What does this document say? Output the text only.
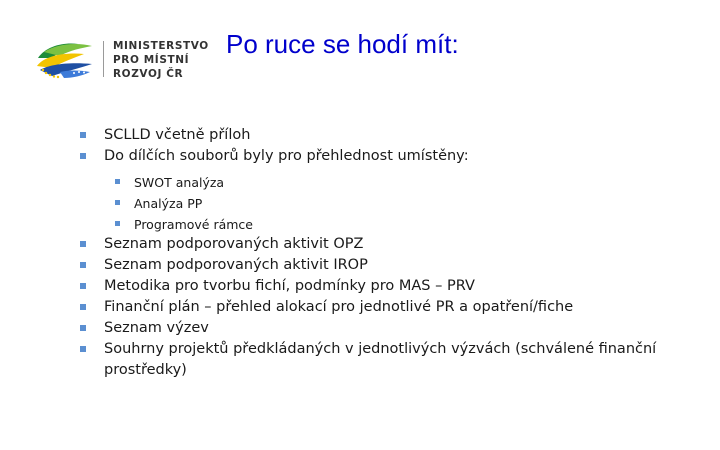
MINISTERSTVO
PRO MÍSTNÍ
ROZVOJ ČR
Po ruce se hodí mít:
SCLLD včetně příloh
Do dílčích souborů byly pro přehlednost umístěny:
SWOT analýza
Analýza PP
Programové rámce
Seznam podporovaných aktivit OPZ
Seznam podporovaných aktivit IROP
Metodika pro tvorbu fichí, podmínky pro MAS – PRV
Finanční plán – přehled alokací pro jednotlivé PR a opatření/fiche
Seznam výzev
Souhrny projektů předkládaných v jednotlivých výzvách (schválené finanční prostředky)
